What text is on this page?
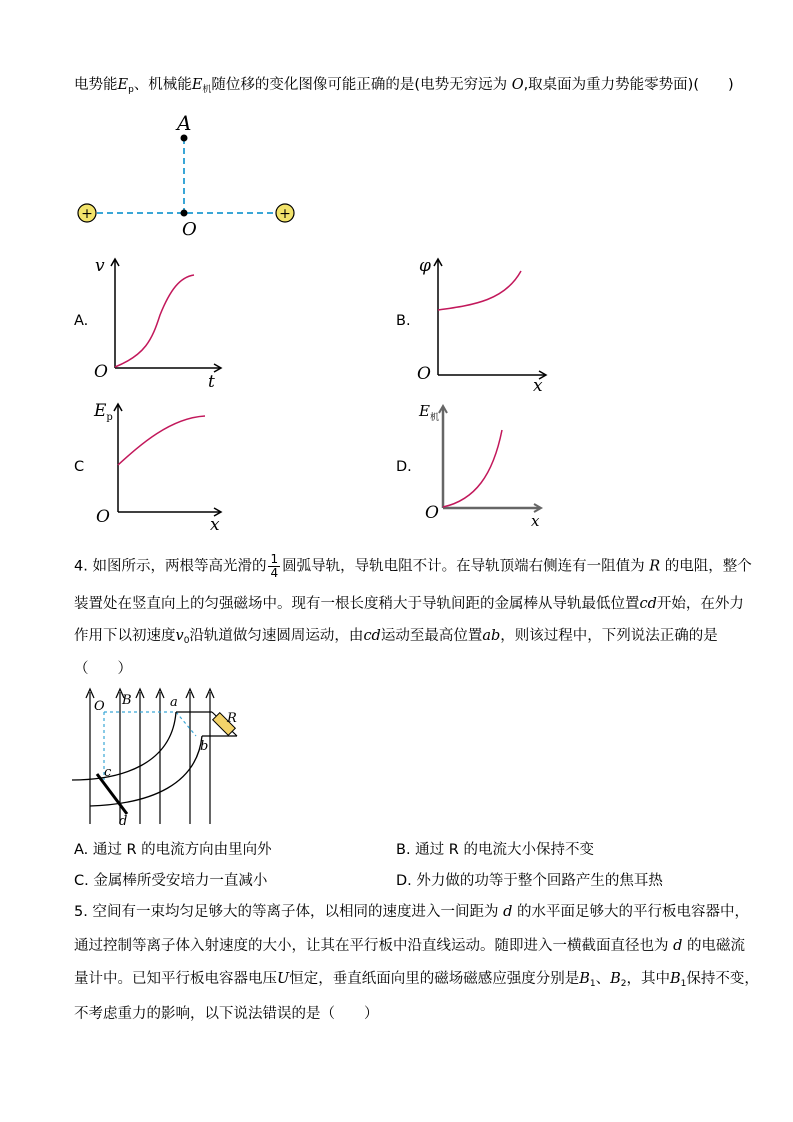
电势能$E_p$、机械能$E_机$随位移的变化图像可能正确的是(电势无穷远为 O,取桌面为重力势能零势面)(　　)
+	+
A
O
A.
v
t
O
B.
φ
x
O
C
$E_p$
x
O
D.
$E_机$
x
O
4. 如图所示，两根等高光滑的 $\frac{1}{4}$ 圆弧导轨，导轨电阻不计。在导轨顶端右侧连有一阻值为 R 的电阻，整个
装置处在竖直向上的匀强磁场中。现有一根长度稍大于导轨间距的金属棒从导轨最低位置cd开始，在外力
作用下以初速度$v_0$沿轨道做匀速圆周运动，由cd运动至最高位置ab，则该过程中，下列说法正确的是
（　　）
O B	a
R
b
c
d
A. 通过 R 的电流方向由里向外	B. 通过 R 的电流大小保持不变
C. 金属棒所受安培力一直减小	D. 外力做的功等于整个回路产生的焦耳热
5. 空间有一束均匀足够大的等离子体，以相同的速度进入一间距为 d 的水平面足够大的平行板电容器中，
通过控制等离子体入射速度的大小，让其在平行板中沿直线运动。随即进入一横截面直径也为 d 的电磁流
量计中。已知平行板电容器电压U恒定，垂直纸面向里的磁场磁感应强度分别是$B_1$、$B_2$，其中$B_1$保持不变，
不考虑重力的影响，以下说法错误的是（　　）
